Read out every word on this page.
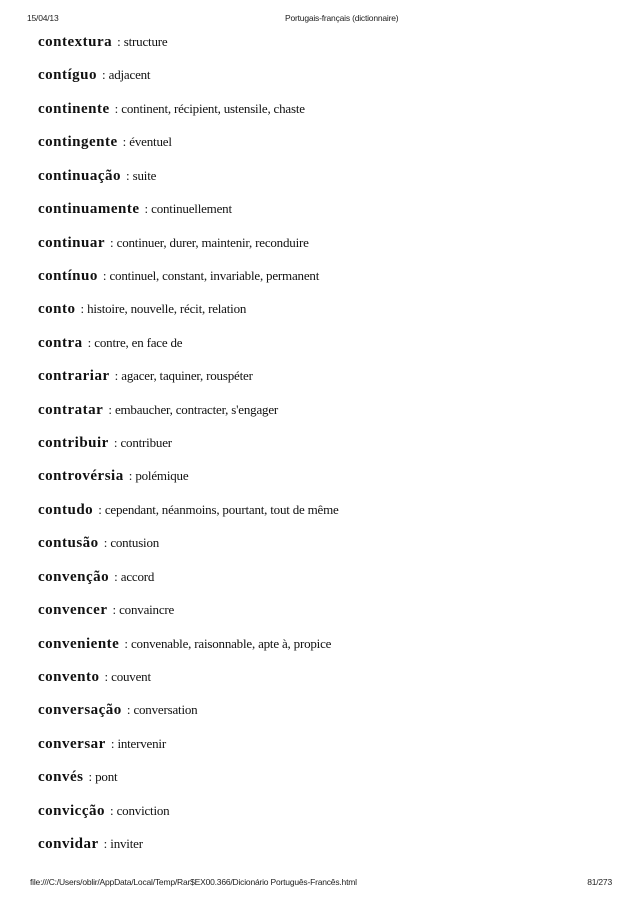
15/04/13	Portugais-français (dictionnaire)
contextura : structure
contíguo : adjacent
continente : continent, récipient, ustensile, chaste
contingente : éventuel
continuação : suite
continuamente : continuellement
continuar : continuer, durer, maintenir, reconduire
contínuo : continuel, constant, invariable, permanent
conto : histoire, nouvelle, récit, relation
contra : contre, en face de
contrariar : agacer, taquiner, rouspéter
contratar : embaucher, contracter, s'engager
contribuir : contribuer
controvérsia : polémique
contudo : cependant, néanmoins, pourtant, tout de même
contusão : contusion
convenção : accord
convencer : convaincre
conveniente : convenable, raisonnable, apte à, propice
convento : couvent
conversação : conversation
conversar : intervenir
convés : pont
convicção : conviction
convidar : inviter
file:///C:/Users/oblir/AppData/Local/Temp/Rar$EX00.366/Dicionário Português-Francês.html	81/273
